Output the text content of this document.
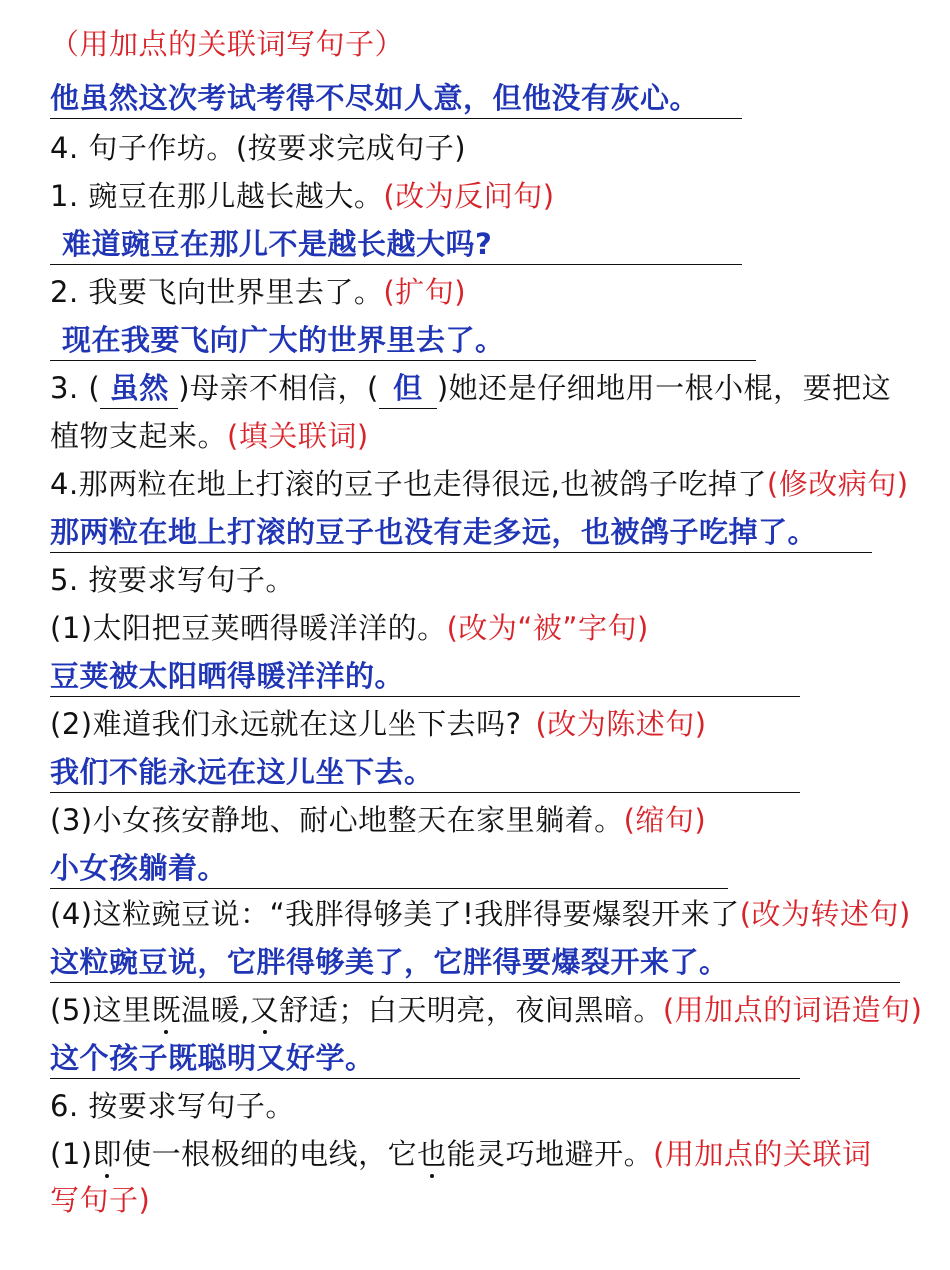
（用加点的关联词写句子）
他虽然这次考试考得不尽如人意，但他没有灰心。
4. 句子作坊。(按要求完成句子)
1. 豌豆在那儿越长越大。(改为反问句)
难道豌豆在那儿不是越长越大吗?
2. 我要飞向世界里去了。(扩句)
现在我要飞向广大的世界里去了。
3. ( 虽然 )母亲不相信，( 但 )她还是仔细地用一根小棍，要把这
植物支起来。(填关联词)
4.那两粒在地上打滚的豆子也走得很远,也被鸽子吃掉了(修改病句)
那两粒在地上打滚的豆子也没有走多远，也被鸽子吃掉了。
5. 按要求写句子。
(1)太阳把豆荚晒得暖洋洋的。(改为“被”字句)
豆荚被太阳晒得暖洋洋的。
(2)难道我们永远就在这儿坐下去吗? (改为陈述句)
我们不能永远在这儿坐下去。
(3)小女孩安静地、耐心地整天在家里躺着。(缩句)
小女孩躺着。
(4)这粒豌豆说：“我胖得够美了!我胖得要爆裂开来了(改为转述句)
这粒豌豆说，它胖得够美了，它胖得要爆裂开来了。
(5)这里既温暖,又舒适；白天明亮，夜间黑暗。(用加点的词语造句)
这个孩子既聪明又好学。
6. 按要求写句子。
(1)即使一根极细的电线，它也能灵巧地避开。(用加点的关联词
写句子)
